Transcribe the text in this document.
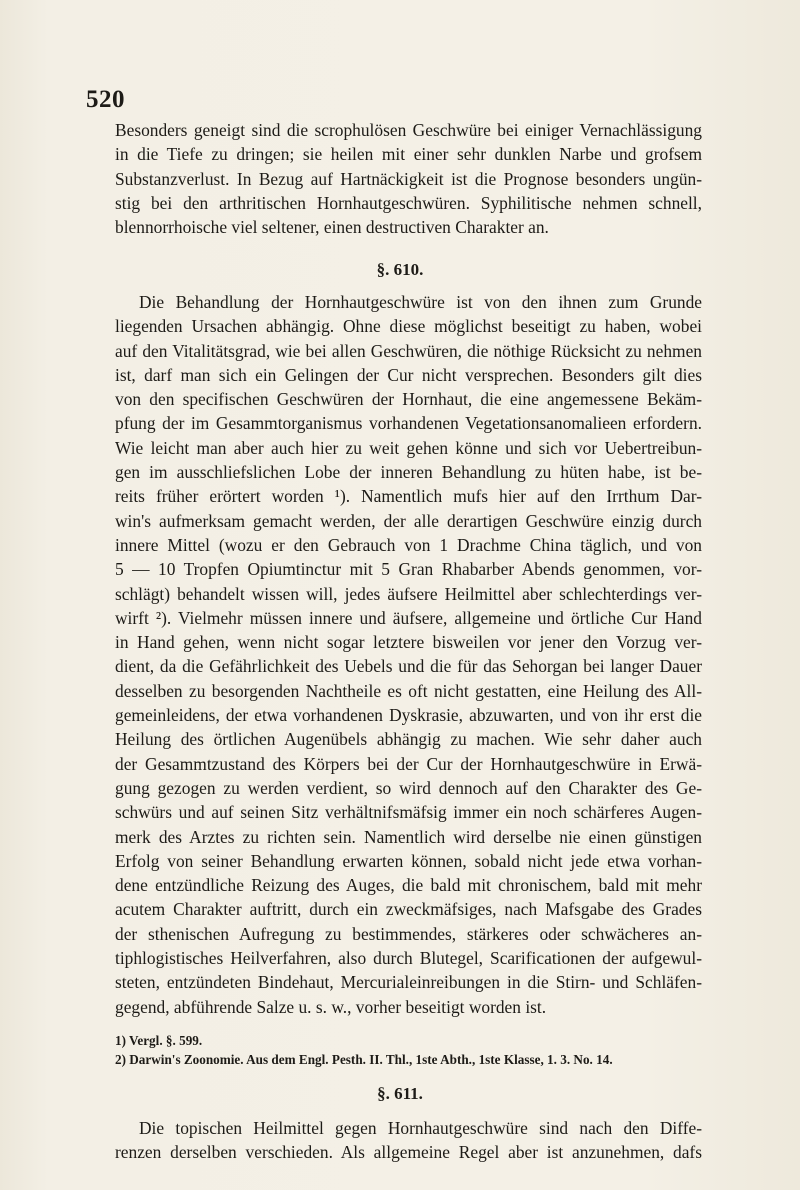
520
Besonders geneigt sind die scrophulösen Geschwüre bei einiger Vernachlässigung
in die Tiefe zu dringen; sie heilen mit einer sehr dunklen Narbe und grofsem
Substanzverlust. In Bezug auf Hartnäckigkeit ist die Prognose besonders ungün-
stig bei den arthritischen Hornhautgeschwüren. Syphilitische nehmen schnell,
blennorrhoische viel seltener, einen destructiven Charakter an.
§. 610.
Die Behandlung der Hornhautgeschwüre ist von den ihnen zum Grunde
liegenden Ursachen abhängig. Ohne diese möglichst beseitigt zu haben, wobei
auf den Vitalitätsgrad, wie bei allen Geschwüren, die nöthige Rücksicht zu nehmen
ist, darf man sich ein Gelingen der Cur nicht versprechen. Besonders gilt dies
von den specifischen Geschwüren der Hornhaut, die eine angemessene Bekäm-
pfung der im Gesammtorganismus vorhandenen Vegetationsanomalieen erfordern.
Wie leicht man aber auch hier zu weit gehen könne und sich vor Uebertreibun-
gen im ausschliefslichen Lobe der inneren Behandlung zu hüten habe, ist be-
reits früher erörtert worden ¹). Namentlich mufs hier auf den Irrthum Dar-
win's aufmerksam gemacht werden, der alle derartigen Geschwüre einzig durch
innere Mittel (wozu er den Gebrauch von 1 Drachme China täglich, und von
5 — 10 Tropfen Opiumtinctur mit 5 Gran Rhabarber Abends genommen, vor-
schlägt) behandelt wissen will, jedes äufsere Heilmittel aber schlechterdings ver-
wirft ²). Vielmehr müssen innere und äufsere, allgemeine und örtliche Cur Hand
in Hand gehen, wenn nicht sogar letztere bisweilen vor jener den Vorzug ver-
dient, da die Gefährlichkeit des Uebels und die für das Sehorgan bei langer Dauer
desselben zu besorgenden Nachtheile es oft nicht gestatten, eine Heilung des All-
gemeinleidens, der etwa vorhandenen Dyskrasie, abzuwarten, und von ihr erst die
Heilung des örtlichen Augenübels abhängig zu machen. Wie sehr daher auch
der Gesammtzustand des Körpers bei der Cur der Hornhautgeschwüre in Erwä-
gung gezogen zu werden verdient, so wird dennoch auf den Charakter des Ge-
schwürs und auf seinen Sitz verhältnifsmäfsig immer ein noch schärferes Augen-
merk des Arztes zu richten sein. Namentlich wird derselbe nie einen günstigen
Erfolg von seiner Behandlung erwarten können, sobald nicht jede etwa vorhan-
dene entzündliche Reizung des Auges, die bald mit chronischem, bald mit mehr
acutem Charakter auftritt, durch ein zweckmäfsiges, nach Mafsgabe des Grades
der sthenischen Aufregung zu bestimmendes, stärkeres oder schwächeres an-
tiphlogistisches Heilverfahren, also durch Blutegel, Scarificationen der aufgewul-
steten, entzündeten Bindehaut, Mercurialeinreibungen in die Stirn- und Schläfen-
gegend, abführende Salze u. s. w., vorher beseitigt worden ist.
1) Vergl. §. 599.
2) Darwin's Zoonomie. Aus dem Engl. Pesth. II. Thl., 1ste Abth., 1ste Klasse, 1. 3. No. 14.
§. 611.
Die topischen Heilmittel gegen Hornhautgeschwüre sind nach den Diffe-
renzen derselben verschieden. Als allgemeine Regel aber ist anzunehmen, dafs
